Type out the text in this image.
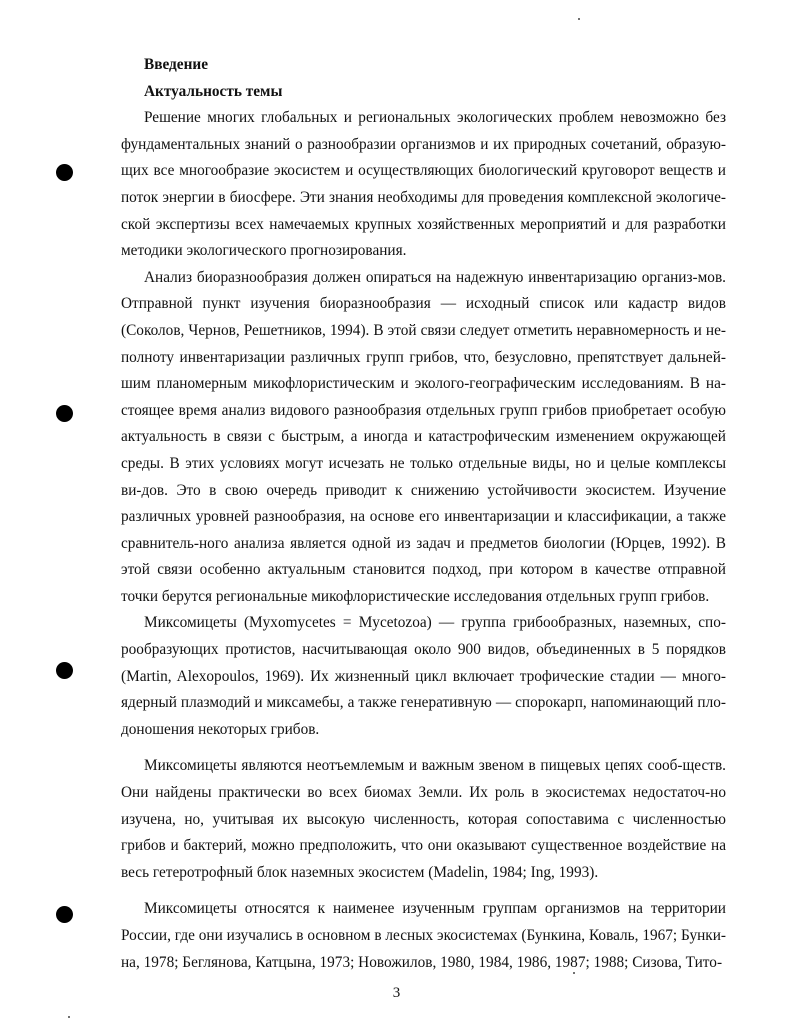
Введение

Актуальность темы

Решение многих глобальных и региональных экологических проблем невозможно без фундаментальных знаний о разнообразии организмов и их природных сочетаний, образую-щих все многообразие экосистем и осуществляющих биологический круговорот веществ и поток энергии в биосфере. Эти знания необходимы для проведения комплексной экологиче-ской экспертизы всех намечаемых крупных хозяйственных мероприятий и для разработки методики экологического прогнозирования.

Анализ биоразнообразия должен опираться на надежную инвентаризацию организ-мов. Отправной пункт изучения биоразнообразия — исходный список или кадастр видов (Соколов, Чернов, Решетников, 1994). В этой связи следует отметить неравномерность и не-полноту инвентаризации различных групп грибов, что, безусловно, препятствует дальней-шим планомерным микофлористическим и эколого-географическим исследованиям. В на-стоящее время анализ видового разнообразия отдельных групп грибов приобретает особую актуальность в связи с быстрым, а иногда и катастрофическим изменением окружающей среды. В этих условиях могут исчезать не только отдельные виды, но и целые комплексы ви-дов. Это в свою очередь приводит к снижению устойчивости экосистем. Изучение различных уровней разнообразия, на основе его инвентаризации и классификации, а также сравнитель-ного анализа является одной из задач и предметов биологии (Юрцев, 1992). В этой связи особенно актуальным становится подход, при котором в качестве отправной точки берутся региональные микофлористические исследования отдельных групп грибов.

Миксомицеты (Myxomycetes = Mycetozoa) — группа грибообразных, наземных, спо-рообразующих протистов, насчитывающая около 900 видов, объединенных в 5 порядков (Martin, Alexopoulos, 1969). Их жизненный цикл включает трофические стадии — много-ядерный плазмодий и миксамебы, а также генеративную — спорокарп, напоминающий пло-доношения некоторых грибов.

Миксомицеты являются неотъемлемым и важным звеном в пищевых цепях сооб-ществ. Они найдены практически во всех биомах Земли. Их роль в экосистемах недостаточ-но изучена, но, учитывая их высокую численность, которая сопоставима с численностью грибов и бактерий, можно предположить, что они оказывают существенное воздействие на весь гетеротрофный блок наземных экосистем (Madelin, 1984; Ing, 1993).

Миксомицеты относятся к наименее изученным группам организмов на территории России, где они изучались в основном в лесных экосистемах (Бункина, Коваль, 1967; Бунки-на, 1978; Беглянова, Катцына, 1973; Новожилов, 1980, 1984, 1986, 1987; 1988; Сизова, Тито-

3
